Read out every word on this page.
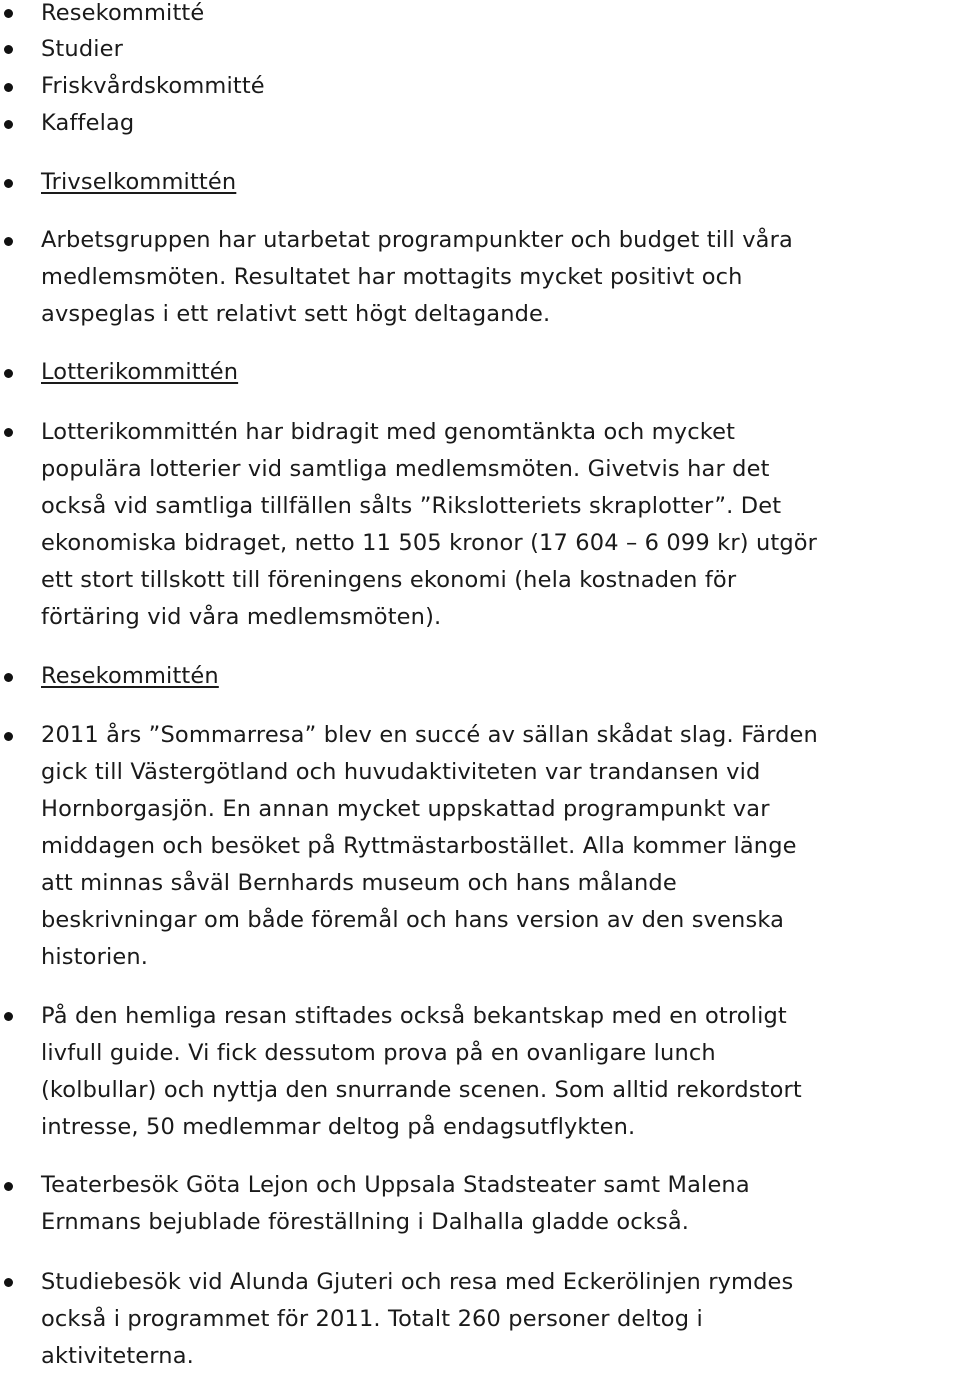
Resekommitté
Studier
Friskvårdskommitté
Kaffelag
Trivselkommittén
Arbetsgruppen har utarbetat programpunkter och budget till våra
medlemsmöten. Resultatet har mottagits mycket positivt och
avspeglas i ett relativt sett högt deltagande.
Lotterikommittén
Lotterikommittén har bidragit med genomtänkta och mycket
populära lotterier vid samtliga medlemsmöten. Givetvis har det
också vid samtliga tillfällen sålts ”Rikslotteriets skraplotter”. Det
ekonomiska bidraget, netto 11 505 kronor (17 604 – 6 099 kr) utgör
ett stort tillskott till föreningens ekonomi (hela kostnaden för
förtäring vid våra medlemsmöten).
Resekommittén
2011 års ”Sommarresa” blev en succé av sällan skådat slag. Färden
gick till Västergötland och huvudaktiviteten var trandansen vid
Hornborgasjön. En annan mycket uppskattad programpunkt var
middagen och besöket på Ryttmästarbostället. Alla kommer länge
att minnas såväl Bernhards museum och hans målande
beskrivningar om både föremål och hans version av den svenska
historien.
På den hemliga resan stiftades också bekantskap med en otroligt
livfull guide. Vi fick dessutom prova på en ovanligare lunch
(kolbullar) och nyttja den snurrande scenen. Som alltid rekordstort
intresse, 50 medlemmar deltog på endagsutflykten.
Teaterbesök Göta Lejon och Uppsala Stadsteater samt Malena
Ernmans bejublade föreställning i Dalhalla gladde också.
Studiebesök vid Alunda Gjuteri och resa med Eckerölinjen rymdes
också i programmet för 2011. Totalt 260 personer deltog i
aktiviteterna.
